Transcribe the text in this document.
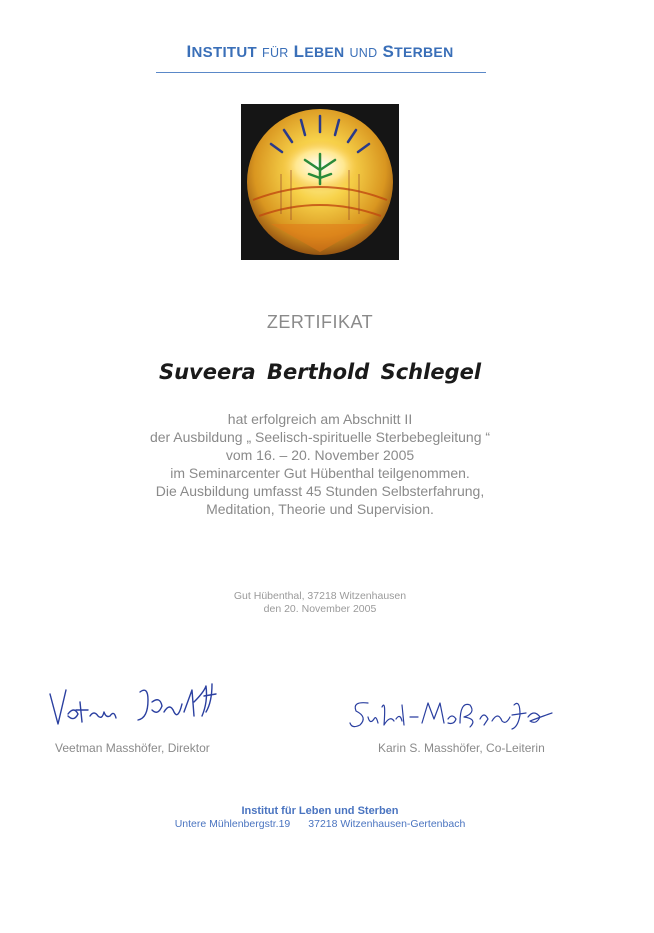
INSTITUT FÜR LEBEN UND STERBEN
ZERTIFIKAT
Suveera Berthold Schlegel
hat erfolgreich am Abschnitt II
der Ausbildung „ Seelisch-spirituelle Sterbebegleitung “
vom 16. – 20. November 2005
im Seminarcenter Gut Hübenthal teilgenommen.
Die Ausbildung umfasst 45 Stunden Selbsterfahrung,
Meditation, Theorie und Supervision.
Gut Hübenthal, 37218 Witzenhausen
den 20. November 2005
Veetman Masshöfer, Direktor	Karin S. Masshöfer, Co-Leiterin
Institut für Leben und Sterben
Untere Mühlenbergstr.19 37218 Witzenhausen-Gertenbach
